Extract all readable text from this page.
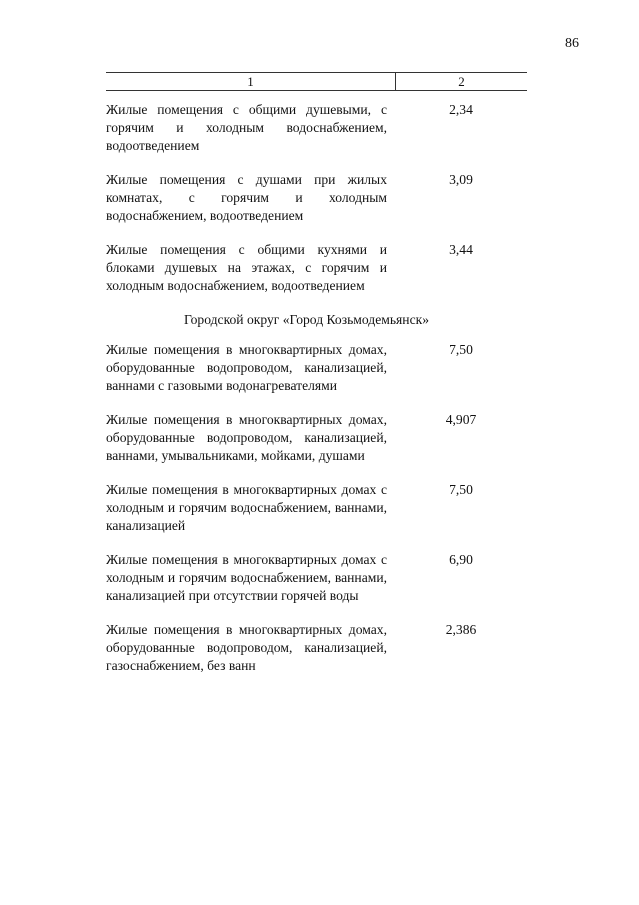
86
1	2
Жилые помещения с общими душевыми, с горячим и холодным водоснабжением, водоотведением
2,34
Жилые помещения с душами при жилых комнатах, с горячим и холодным водоснабжением, водоотведением
3,09
Жилые помещения с общими кухнями и блоками душевых на этажах, с горячим и холодным водоснабжением, водоотведением
3,44
Городской округ «Город Козьмодемьянск»
Жилые помещения в многоквартирных домах, оборудованные водопроводом, канализацией, ваннами с газовыми водонагревателями
7,50
Жилые помещения в многоквартирных домах, оборудованные водопроводом, канализацией, ваннами, умывальниками, мойками, душами
4,907
Жилые помещения в многоквартирных домах с холодным и горячим водоснабжением, ваннами, канализацией
7,50
Жилые помещения в многоквартирных домах с холодным и горячим водоснабжением, ваннами, канализацией при отсутствии горячей воды
6,90
Жилые помещения в многоквартирных домах, оборудованные водопроводом, канализацией, газоснабжением, без ванн
2,386
